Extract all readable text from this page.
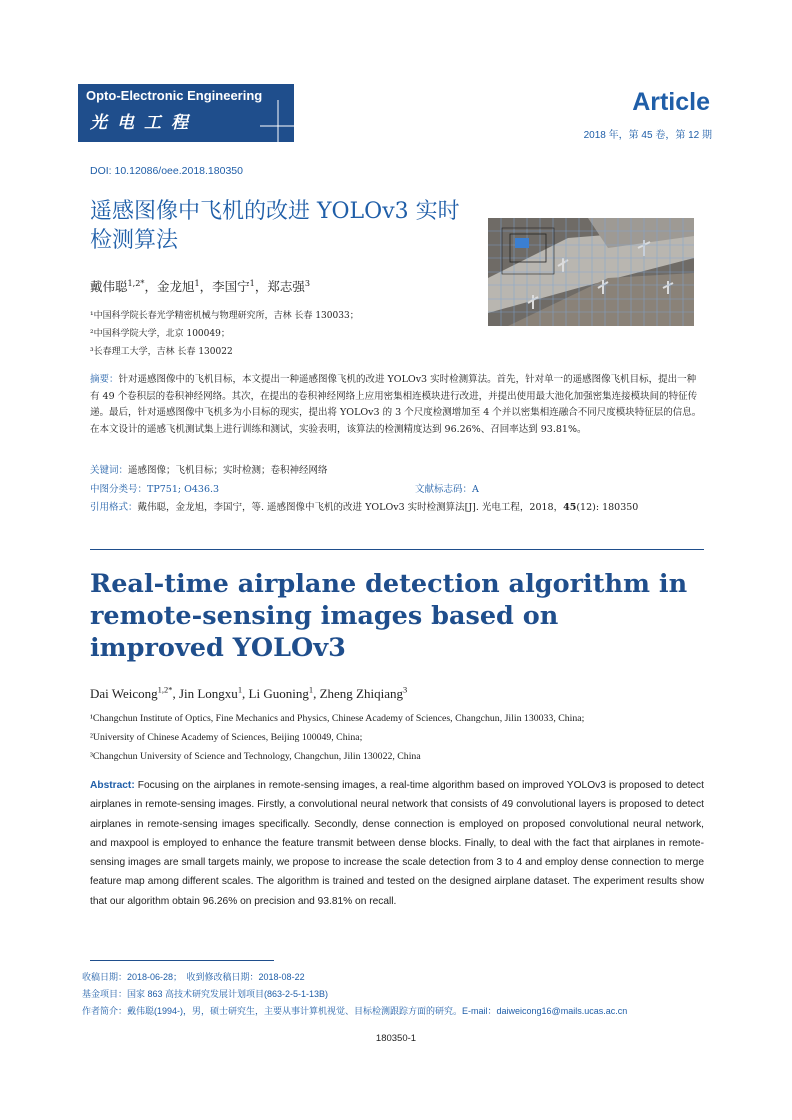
Opto-Electronic Engineering
光电工程
Article
2018 年，第 45 卷，第 12 期
DOI: 10.12086/oee.2018.180350
遥感图像中飞机的改进 YOLOv3 实时检测算法
戴伟聪$^{1,2*}$，金龙旭$^1$，李国宁$^1$，郑志强$^3$
¹中国科学院长春光学精密机械与物理研究所，吉林 长春 130033；
²中国科学院大学，北京 100049；
³长春理工大学，吉林 长春 130022
摘要：针对遥感图像中的飞机目标，本文提出一种遥感图像飞机的改进 YOLOv3 实时检测算法。首先，针对单一的遥感图像飞机目标，提出一种有 49 个卷积层的卷积神经网络。其次，在提出的卷积神经网络上应用密集相连模块进行改进，并提出使用最大池化加强密集连接模块间的特征传递。最后，针对遥感图像中飞机多为小目标的现实，提出将 YOLOv3 的 3 个尺度检测增加至 4 个并以密集相连融合不同尺度模块特征层的信息。在本文设计的遥感飞机测试集上进行训练和测试，实验表明，该算法的检测精度达到 96.26%、召回率达到 93.81%。
关键词：遥感图像；飞机目标；实时检测；卷积神经网络
中图分类号：TP751; O436.3	文献标志码：A
引用格式：戴伟聪，金龙旭，李国宁，等. 遥感图像中飞机的改进 YOLOv3 实时检测算法[J]. 光电工程，2018，45(12): 180350
Real-time airplane detection algorithm in remote-sensing images based on improved YOLOv3
Dai Weicong$^{1,2*}$, Jin Longxu$^1$, Li Guoning$^1$, Zheng Zhiqiang$^3$
¹Changchun Institute of Optics, Fine Mechanics and Physics, Chinese Academy of Sciences, Changchun, Jilin 130033, China;
²University of Chinese Academy of Sciences, Beijing 100049, China;
³Changchun University of Science and Technology, Changchun, Jilin 130022, China
Abstract: Focusing on the airplanes in remote-sensing images, a real-time algorithm based on improved YOLOv3 is proposed to detect airplanes in remote-sensing images. Firstly, a convolutional neural network that consists of 49 convolutional layers is proposed to detect airplanes in remote-sensing images specifically. Secondly, dense connection is employed on proposed convolutional neural network, and maxpool is employed to enhance the feature transmit between dense blocks. Finally, to deal with the fact that airplanes in remote-sensing images are small targets mainly, we propose to increase the scale detection from 3 to 4 and employ dense connection to merge feature map among different scales. The algorithm is trained and tested on the designed airplane dataset. The experiment results show that our algorithm obtain 96.26% on precision and 93.81% on recall.
收稿日期：2018-06-28；　收到修改稿日期：2018-08-22
基金项目：国家 863 高技术研究发展计划项目(863-2-5-1-13B)
作者简介：戴伟聪(1994-)，男，硕士研究生，主要从事计算机视觉、目标检测跟踪方面的研究。E-mail：daiweicong16@mails.ucas.ac.cn
180350-1
